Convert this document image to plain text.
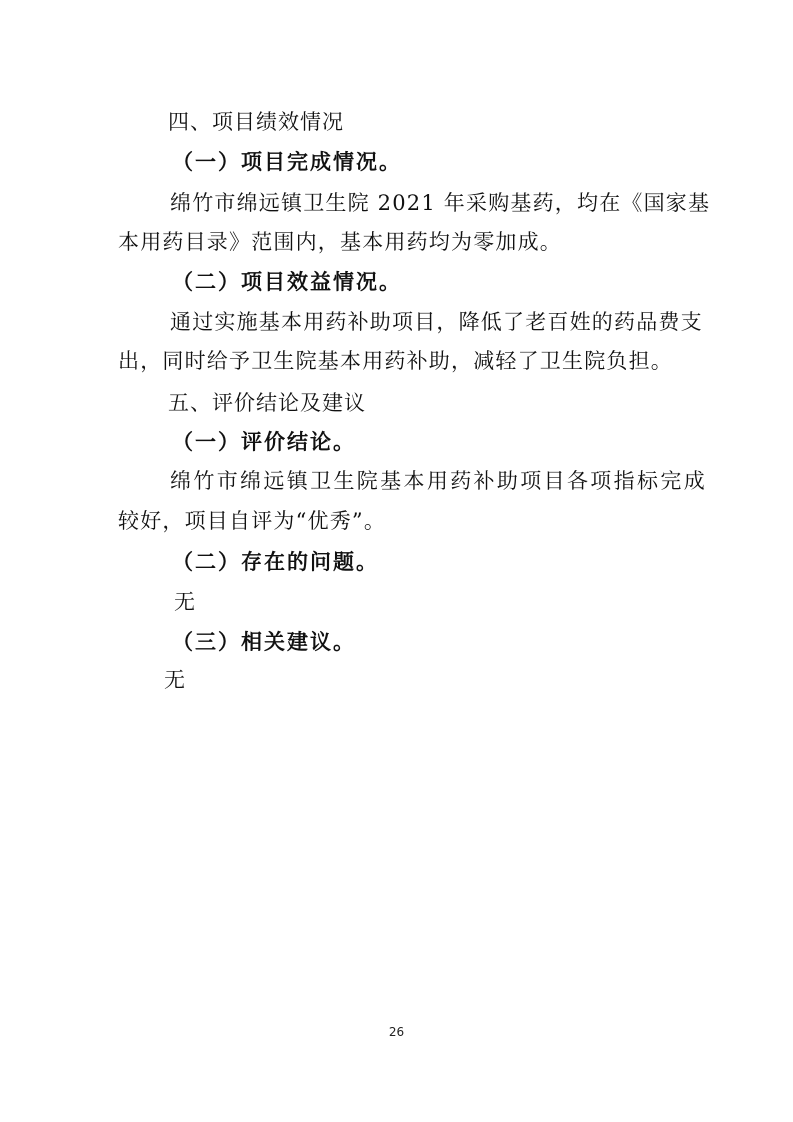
四、项目绩效情况
（一）项目完成情况。

绵竹市绵远镇卫生院 2021 年采购基药，均在《国家基

本用药目录》范围内，基本用药均为零加成。

（二）项目效益情况。

通过实施基本用药补助项目，降低了老百姓的药品费支

出，同时给予卫生院基本用药补助，减轻了卫生院负担。

五、评价结论及建议
（一）评价结论。

绵竹市绵远镇卫生院基本用药补助项目各项指标完成

较好，项目自评为“优秀”。

（二）存在的问题。

无

（三）相关建议。

无

26
